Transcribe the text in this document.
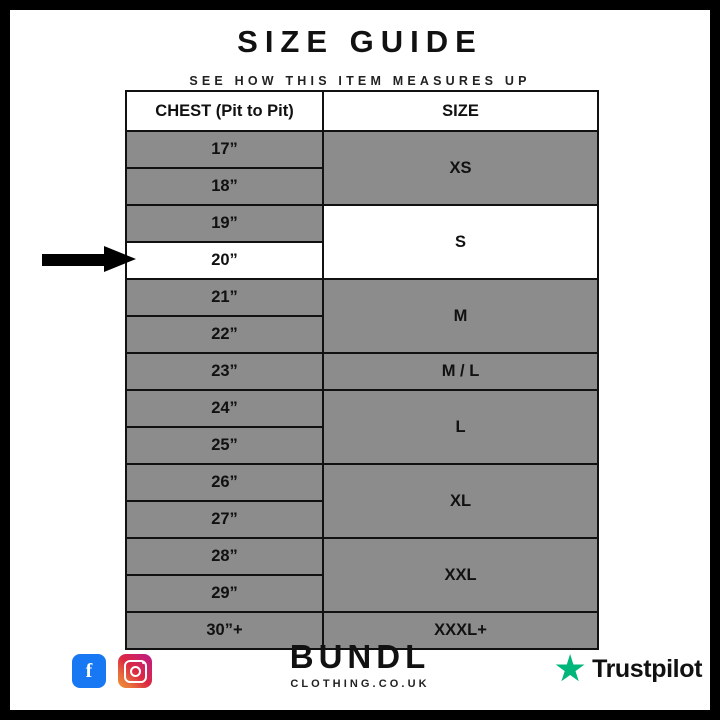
SIZE GUIDE
SEE HOW THIS ITEM MEASURES UP
CHEST (Pit to Pit)	SIZE
17”	XS
18”	
19”	S
20”	
21”	M
22”	
23”	M / L
24”	L
25”	
26”	XL
27”	
28”	XXL
29”	
30”+	XXXL+
G	f	BUNDL
CLOTHING.CO.UK
Trustpilot
